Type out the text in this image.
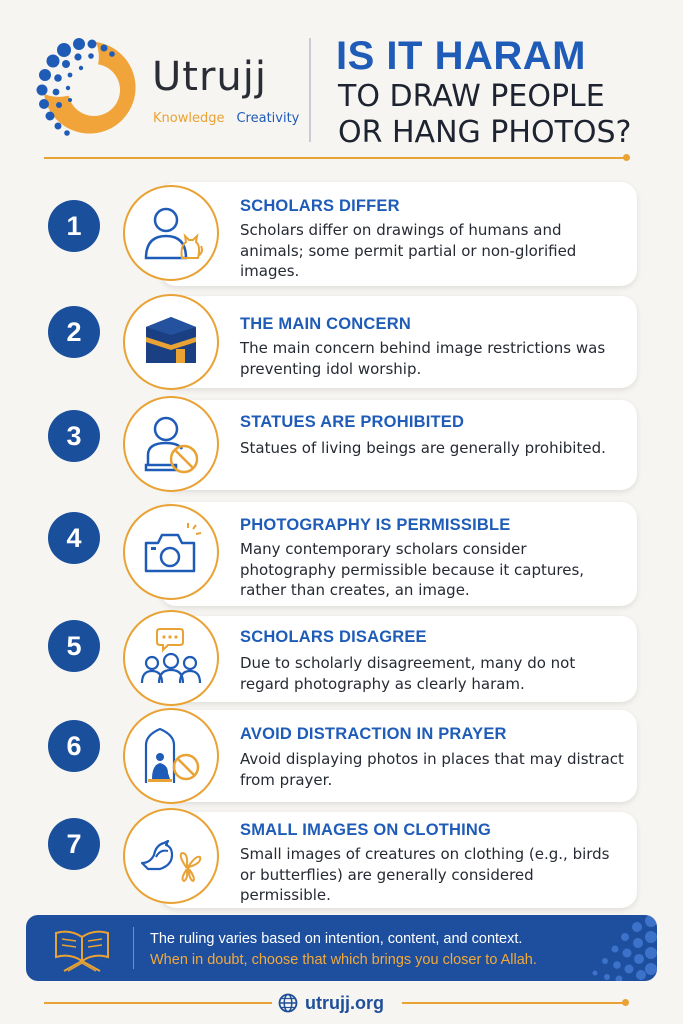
Utrujj
Knowledge Creativity
IS IT HARAM
TO DRAW PEOPLE
OR HANG PHOTOS?
1
SCHOLARS DIFFER
Scholars differ on drawings of humans and animals; some permit partial or non-glorified images.
2	THE MAIN CONCERN
The main concern behind image restrictions was preventing idol worship.
3	STATUES ARE PROHIBITED
Statues of living beings are generally prohibited.
4	PHOTOGRAPHY IS PERMISSIBLE
Many contemporary scholars consider photography permissible because it captures, rather than creates, an image.
5	SCHOLARS DISAGREE
Due to scholarly disagreement, many do not regard photography as clearly haram.
6	AVOID DISTRACTION IN PRAYER
Avoid displaying photos in places that may distract from prayer.
7	SMALL IMAGES ON CLOTHING
Small images of creatures on clothing (e.g., birds or butterflies) are generally considered permissible.
The ruling varies based on intention, content, and context.
When in doubt, choose that which brings you closer to Allah.
utrujj.org
